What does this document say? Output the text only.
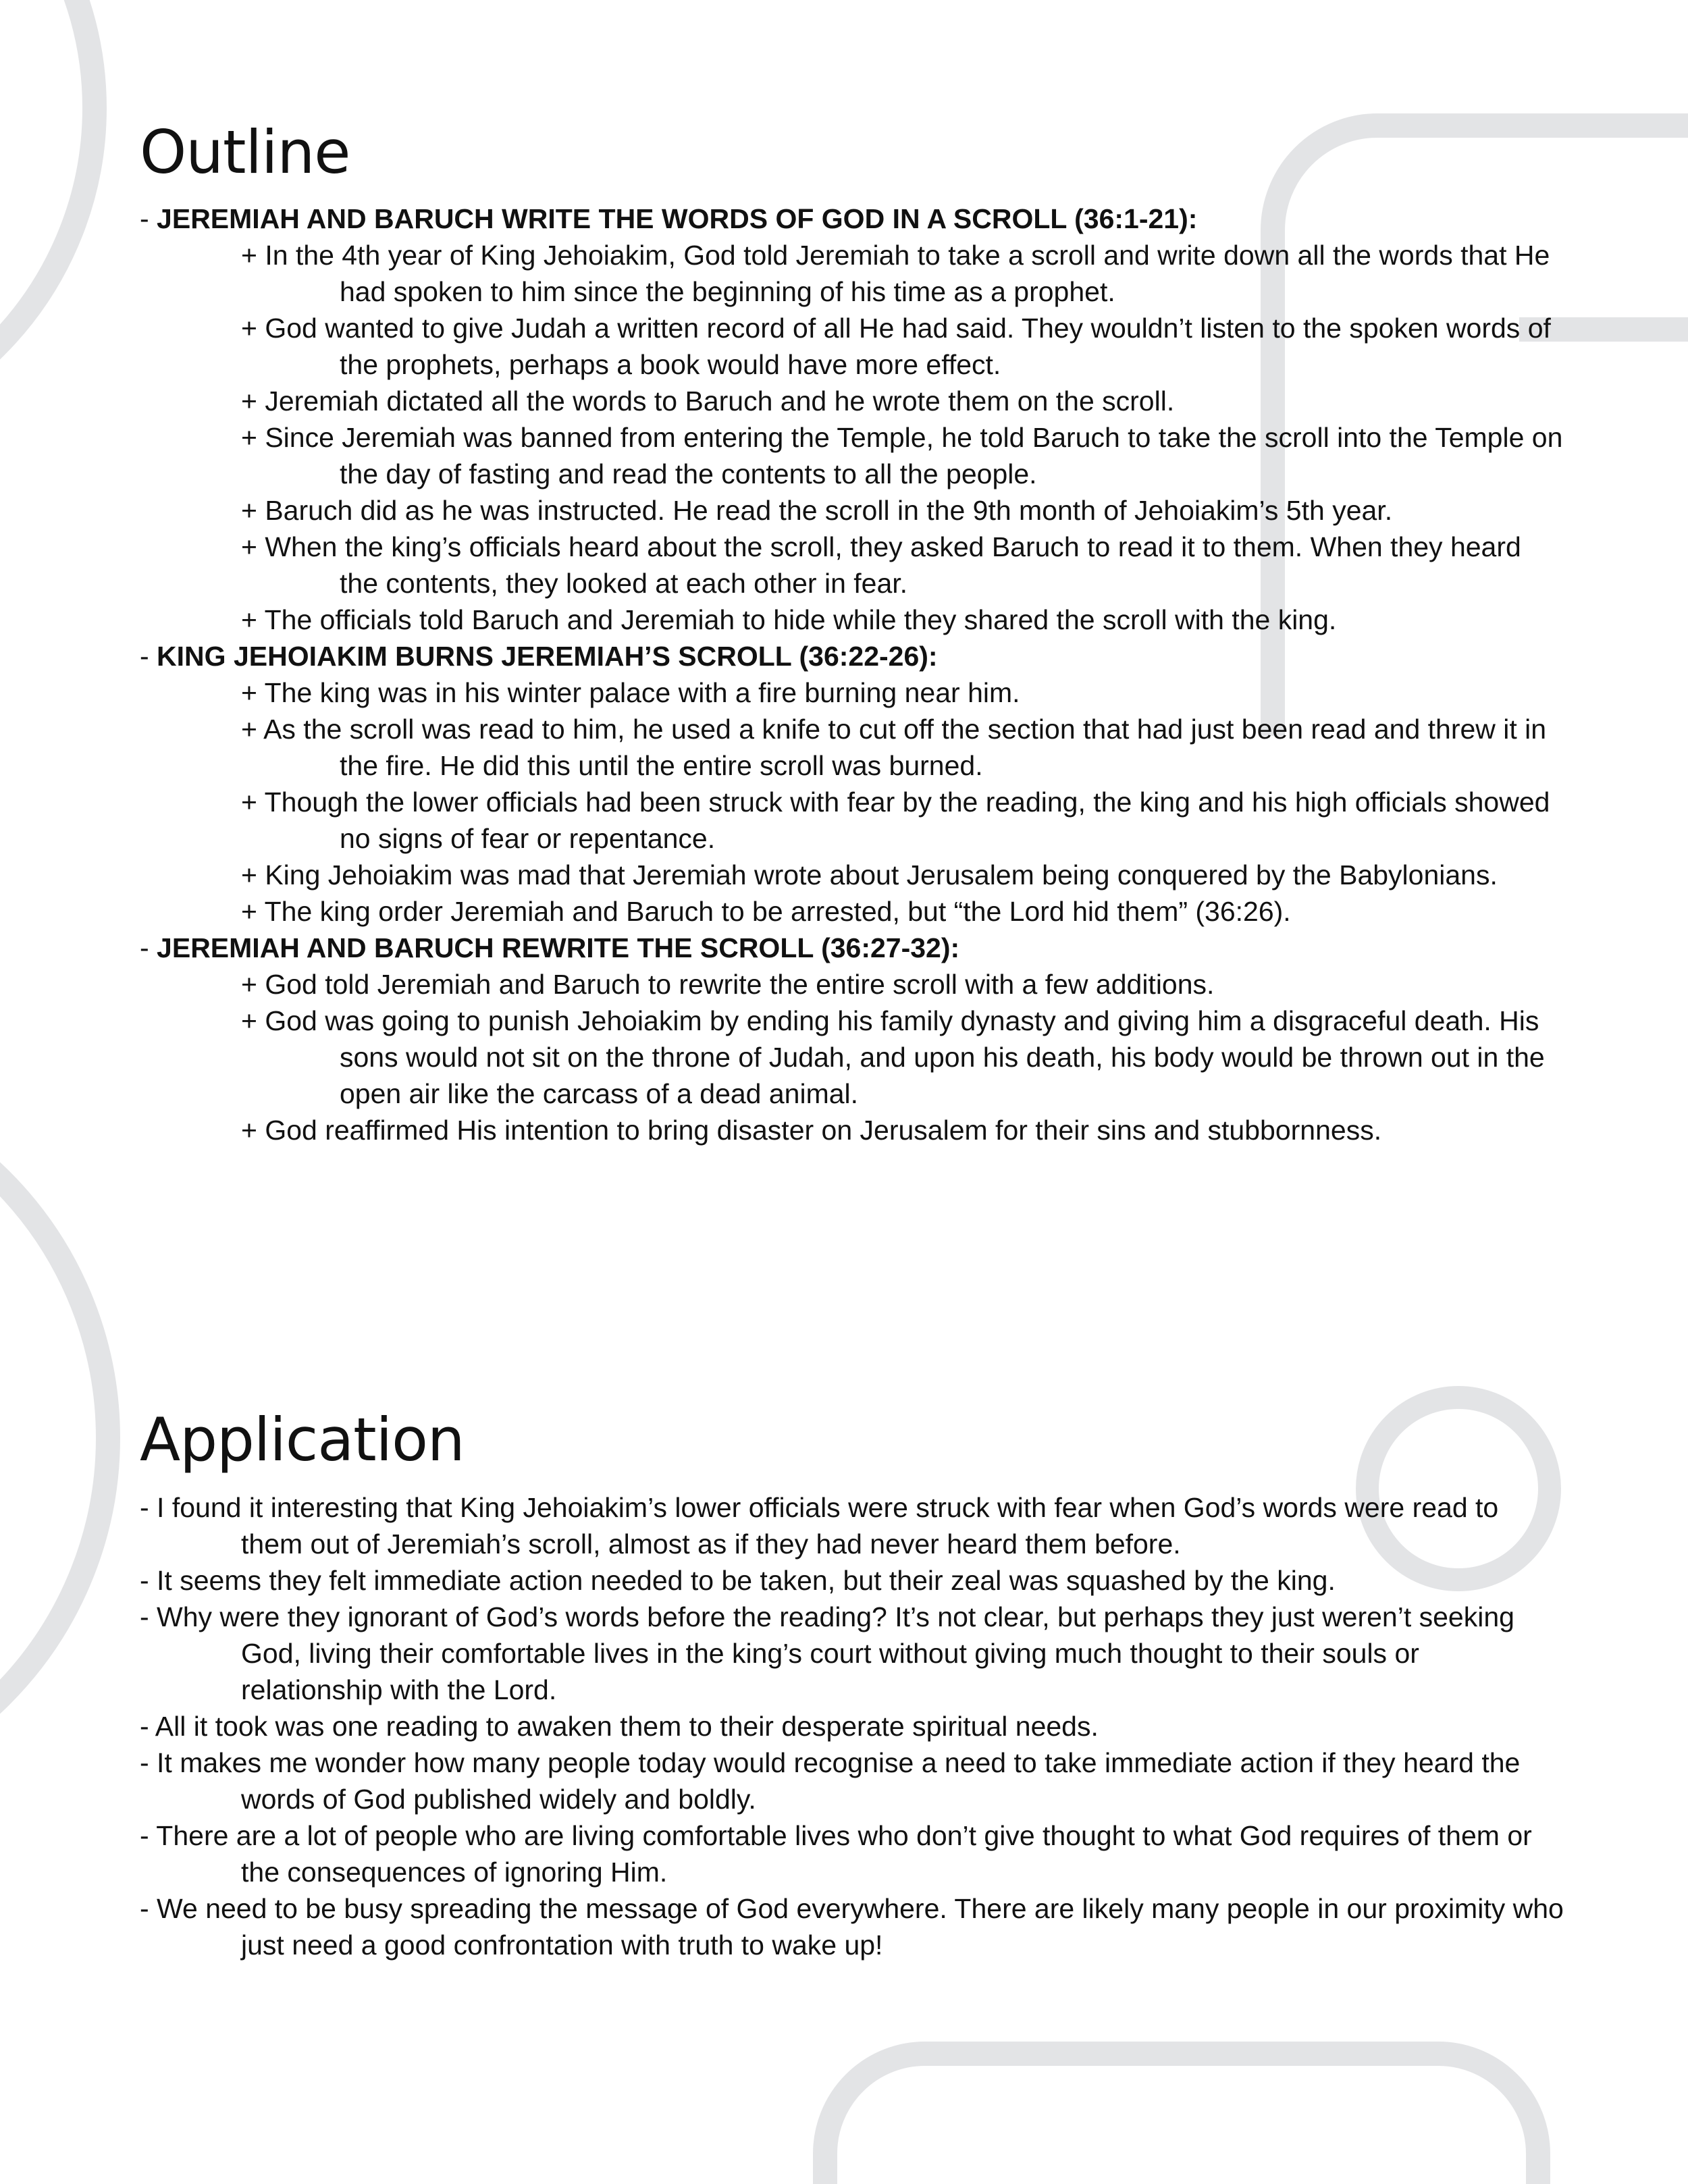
Outline

- JEREMIAH AND BARUCH WRITE THE WORDS OF GOD IN A SCROLL (36:1-21):

+ In the 4th year of King Jehoiakim, God told Jeremiah to take a scroll and write down all the words that He had spoken to him since the beginning of his time as a prophet.

+ God wanted to give Judah a written record of all He had said. They wouldn’t listen to the spoken words of the prophets, perhaps a book would have more effect.

+ Jeremiah dictated all the words to Baruch and he wrote them on the scroll.

+ Since Jeremiah was banned from entering the Temple, he told Baruch to take the scroll into the Temple on the day of fasting and read the contents to all the people.

+ Baruch did as he was instructed. He read the scroll in the 9th month of Jehoiakim’s 5th year.

+ When the king’s officials heard about the scroll, they asked Baruch to read it to them. When they heard the contents, they looked at each other in fear.

+ The officials told Baruch and Jeremiah to hide while they shared the scroll with the king.

- KING JEHOIAKIM BURNS JEREMIAH’S SCROLL (36:22-26):

+ The king was in his winter palace with a fire burning near him.

+ As the scroll was read to him, he used a knife to cut off the section that had just been read and threw it in the fire. He did this until the entire scroll was burned.

+ Though the lower officials had been struck with fear by the reading, the king and his high officials showed no signs of fear or repentance.

+ King Jehoiakim was mad that Jeremiah wrote about Jerusalem being conquered by the Babylonians.

+ The king order Jeremiah and Baruch to be arrested, but “the Lord hid them” (36:26).

- JEREMIAH AND BARUCH REWRITE THE SCROLL (36:27-32):

+ God told Jeremiah and Baruch to rewrite the entire scroll with a few additions.

+ God was going to punish Jehoiakim by ending his family dynasty and giving him a disgraceful death. His sons would not sit on the throne of Judah, and upon his death, his body would be thrown out in the open air like the carcass of a dead animal.

+ God reaffirmed His intention to bring disaster on Jerusalem for their sins and stubbornness.

Application

- I found it interesting that King Jehoiakim’s lower officials were struck with fear when God’s words were read to them out of Jeremiah’s scroll, almost as if they had never heard them before.

- It seems they felt immediate action needed to be taken, but their zeal was squashed by the king.

- Why were they ignorant of God’s words before the reading? It’s not clear, but perhaps they just weren’t seeking God, living their comfortable lives in the king’s court without giving much thought to their souls or relationship with the Lord.

- All it took was one reading to awaken them to their desperate spiritual needs.

- It makes me wonder how many people today would recognise a need to take immediate action if they heard the words of God published widely and boldly.

- There are a lot of people who are living comfortable lives who don’t give thought to what God requires of them or the consequences of ignoring Him.

- We need to be busy spreading the message of God everywhere. There are likely many people in our proximity who just need a good confrontation with truth to wake up!
